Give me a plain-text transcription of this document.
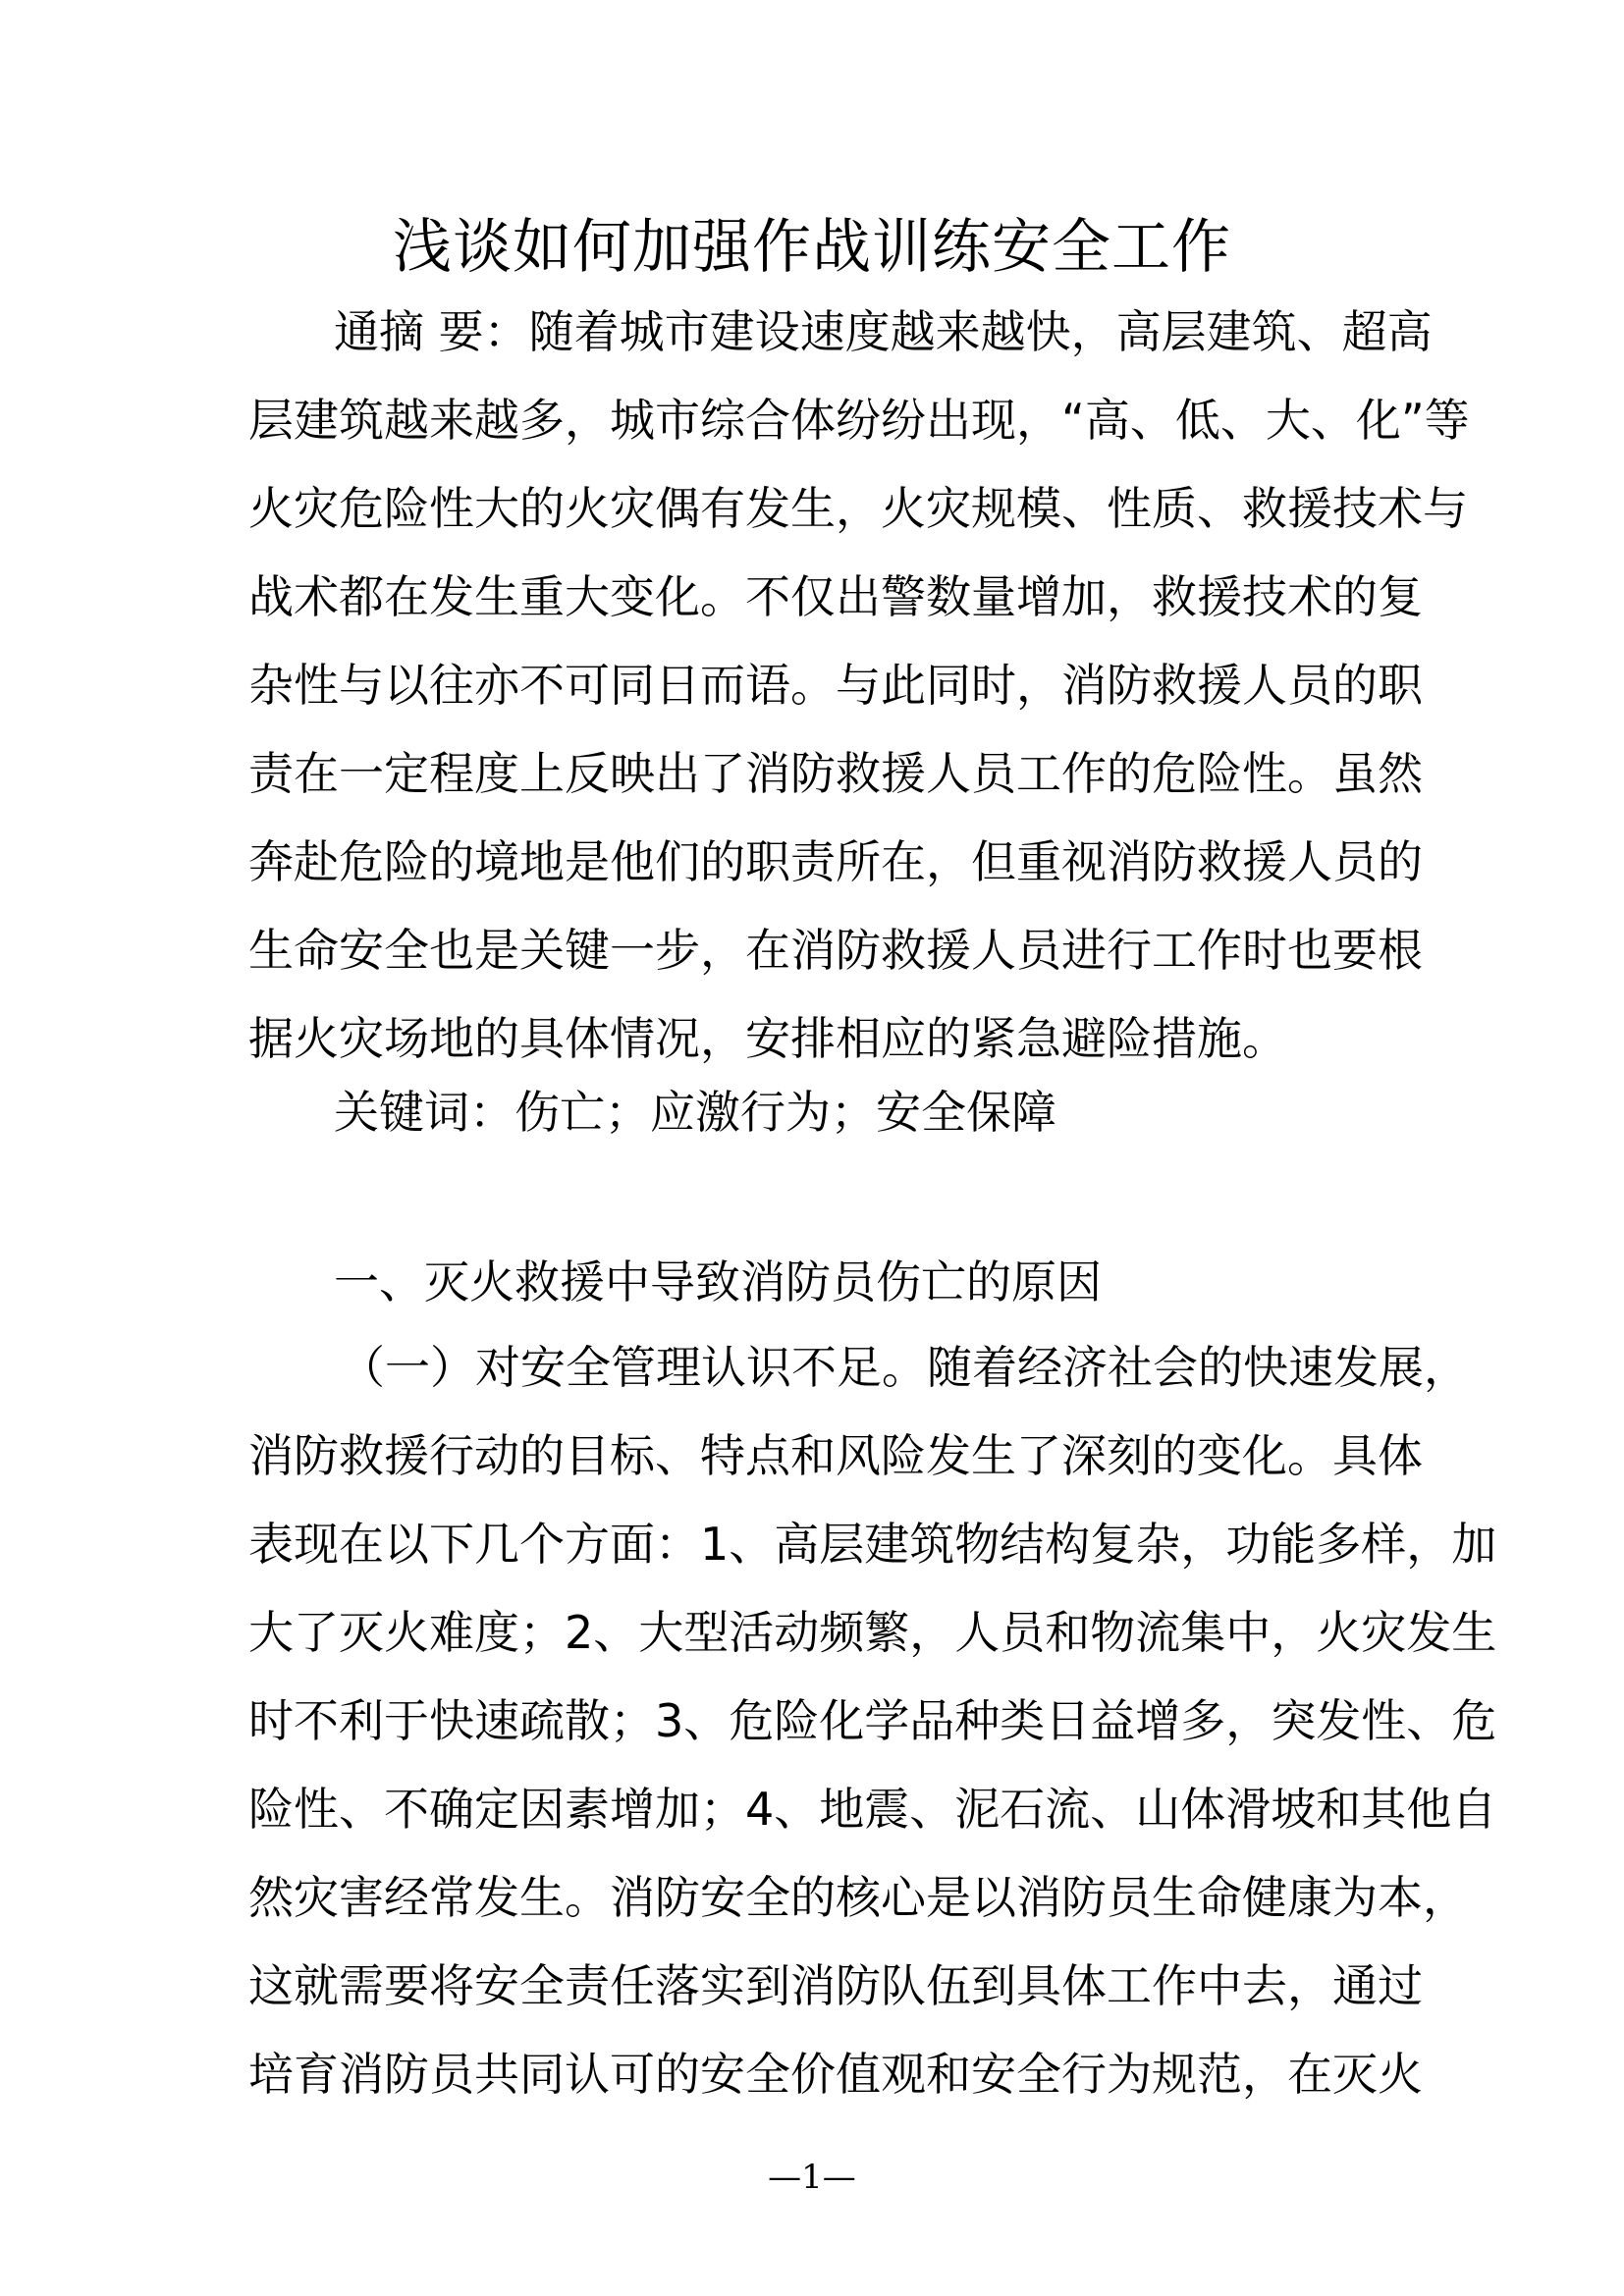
浅谈如何加强作战训练安全工作
通摘 要：随着城市建设速度越来越快，高层建筑、超高
层建筑越来越多，城市综合体纷纷出现，“高、低、大、化”等
火灾危险性大的火灾偶有发生，火灾规模、性质、救援技术与
战术都在发生重大变化。不仅出警数量增加，救援技术的复
杂性与以往亦不可同日而语。与此同时，消防救援人员的职
责在一定程度上反映出了消防救援人员工作的危险性。虽然
奔赴危险的境地是他们的职责所在，但重视消防救援人员的
生命安全也是关键一步，在消防救援人员进行工作时也要根
据火灾场地的具体情况，安排相应的紧急避险措施。
关键词：伤亡；应激行为；安全保障
一、灭火救援中导致消防员伤亡的原因
（一）对安全管理认识不足。随着经济社会的快速发展，
消防救援行动的目标、特点和风险发生了深刻的变化。具体
表现在以下几个方面：1、高层建筑物结构复杂，功能多样，加
大了灭火难度；2、大型活动频繁，人员和物流集中，火灾发生
时不利于快速疏散；3、危险化学品种类日益增多，突发性、危
险性、不确定因素增加；4、地震、泥石流、山体滑坡和其他自
然灾害经常发生。消防安全的核心是以消防员生命健康为本，
这就需要将安全责任落实到消防队伍到具体工作中去，通过
培育消防员共同认可的安全价值观和安全行为规范，在灭火
—1—
